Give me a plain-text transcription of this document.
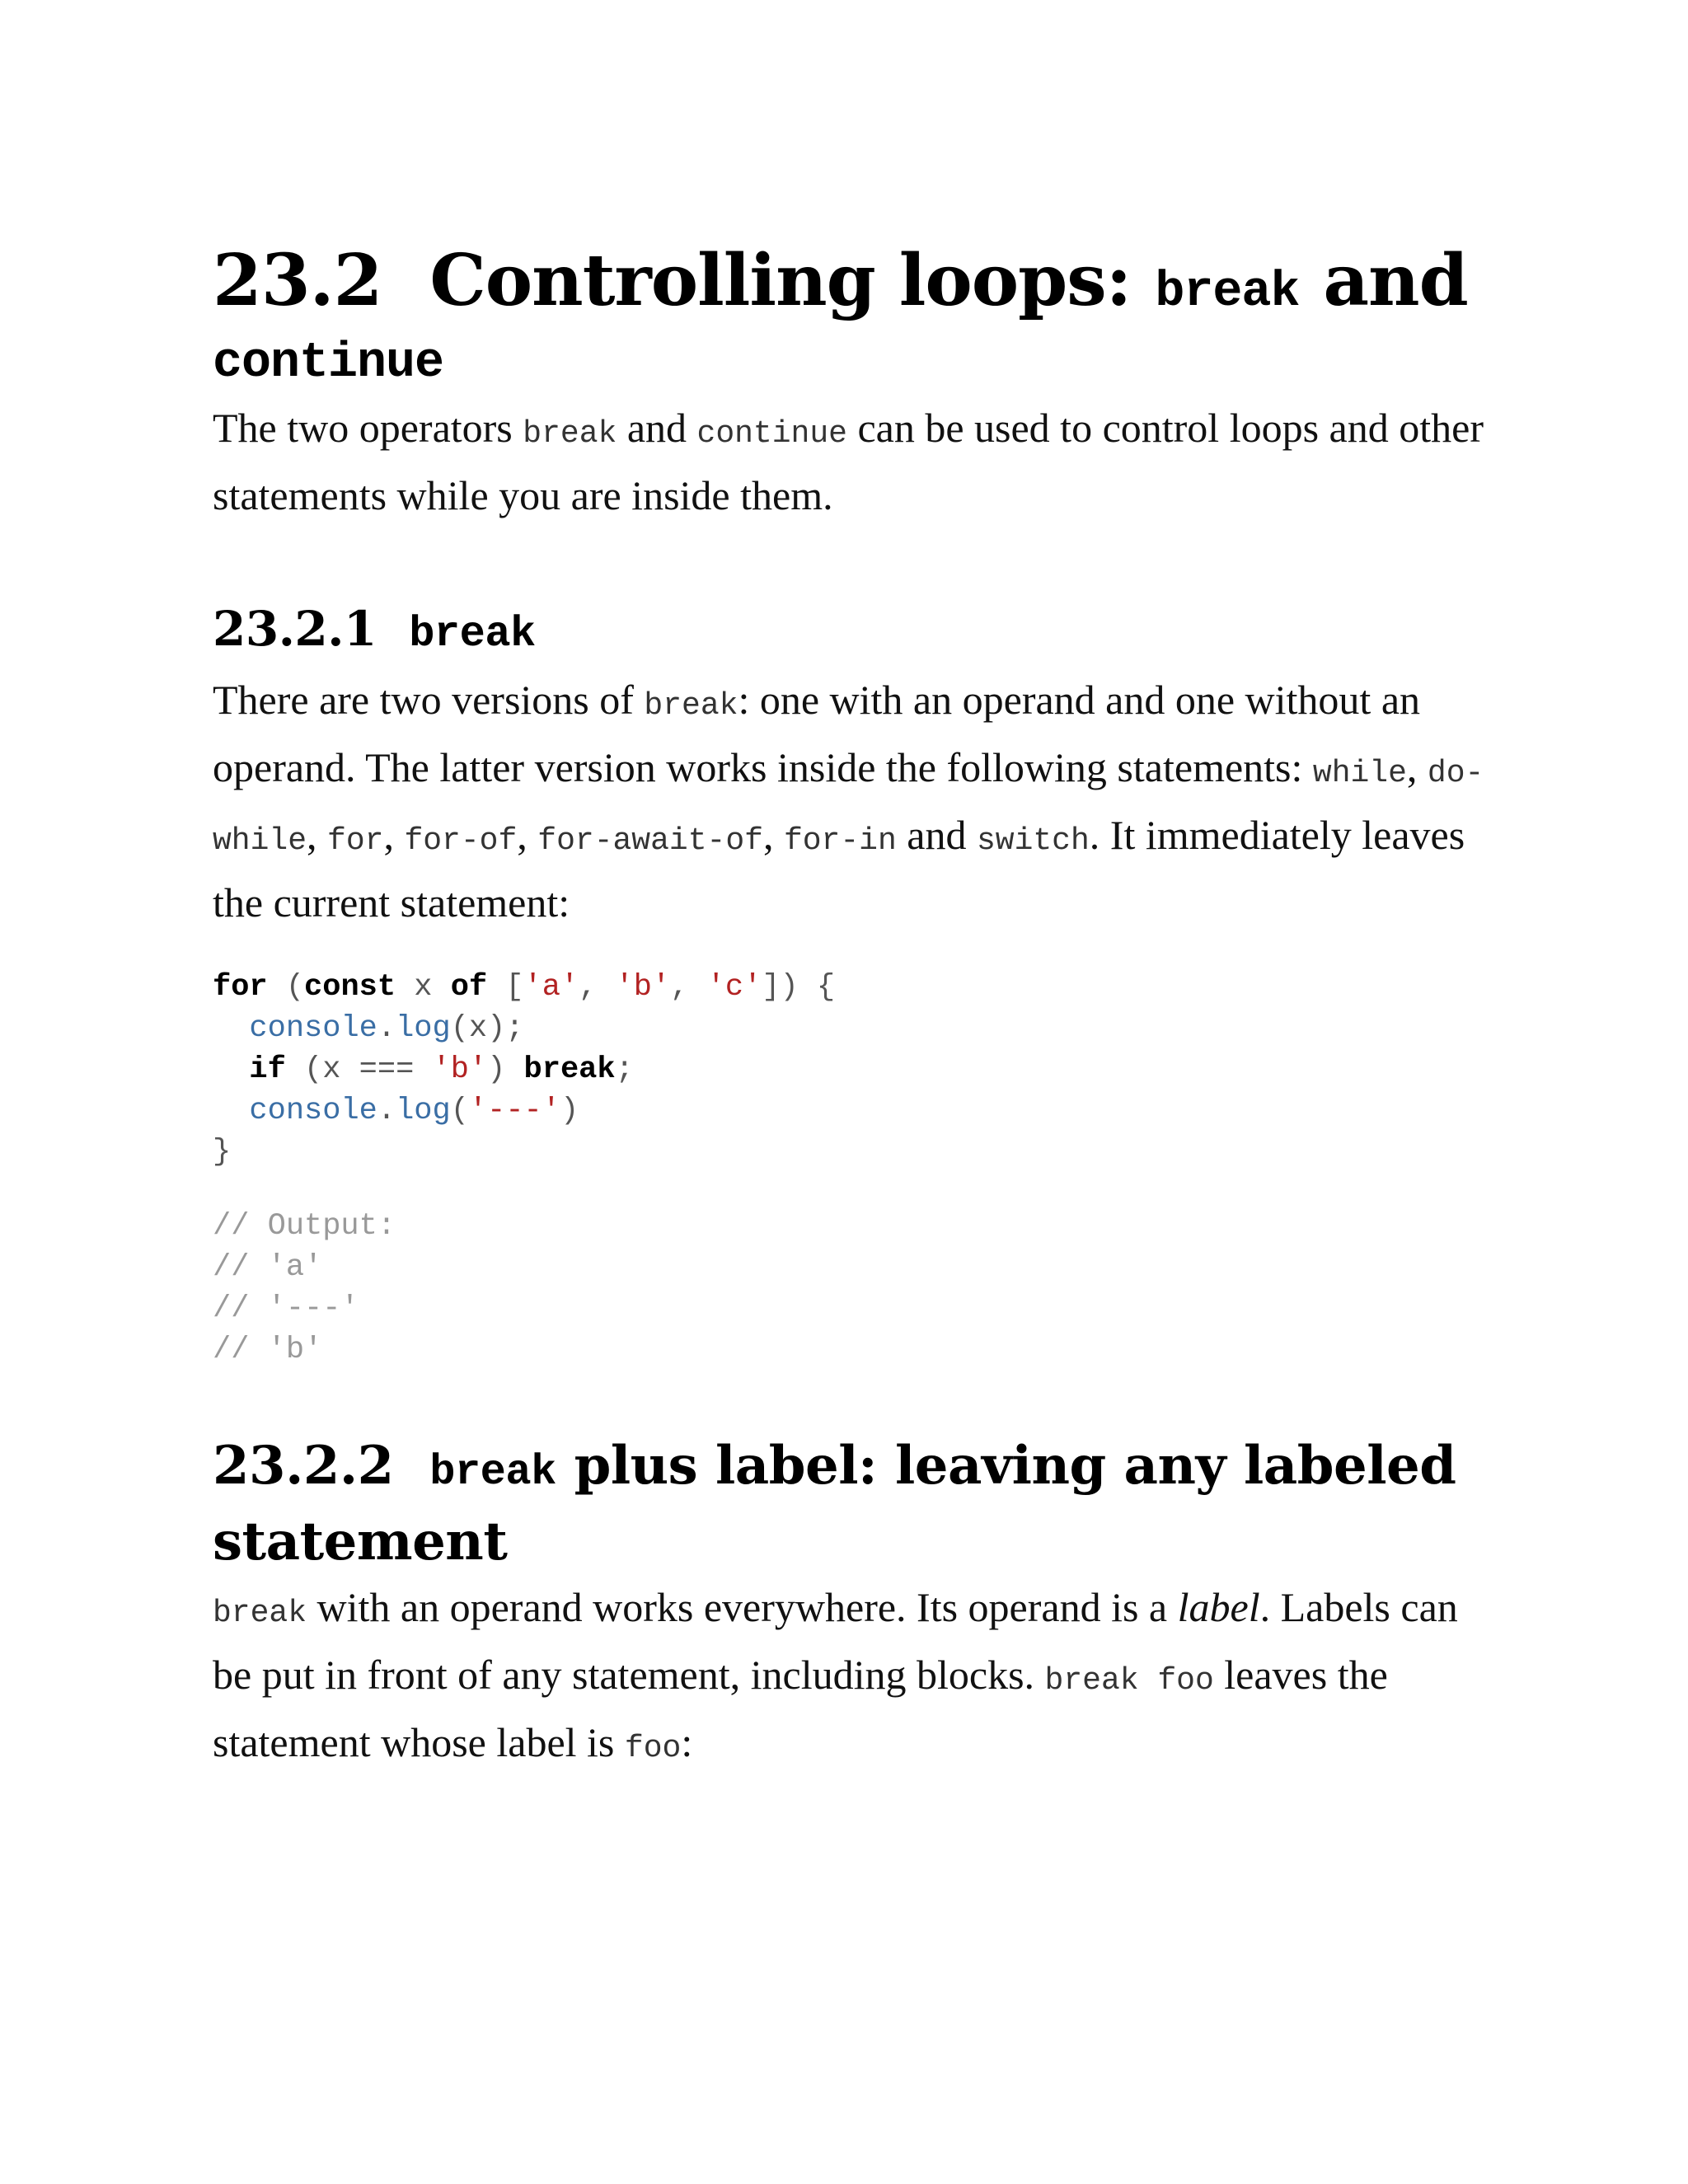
23.2 Controlling loops: break and
continue

The two operators break and continue can be used to control loops and other statements while you are inside them.

23.2.1 break

There are two versions of break: one with an operand and one without an operand. The latter version works inside the following statements: while, do-while, for, for-of, for-await-of, for-in and switch. It immediately leaves the current statement:

for (const x of ['a', 'b', 'c']) {
console.log(x);
if (x === 'b') break;
console.log('---')
}
// Output:
// 'a'
// '---'
// 'b'
23.2.2 break plus label: leaving any labeled statement

break with an operand works everywhere. Its operand is a label. Labels can be put in front of any statement, including blocks. break foo leaves the statement whose label is foo:
